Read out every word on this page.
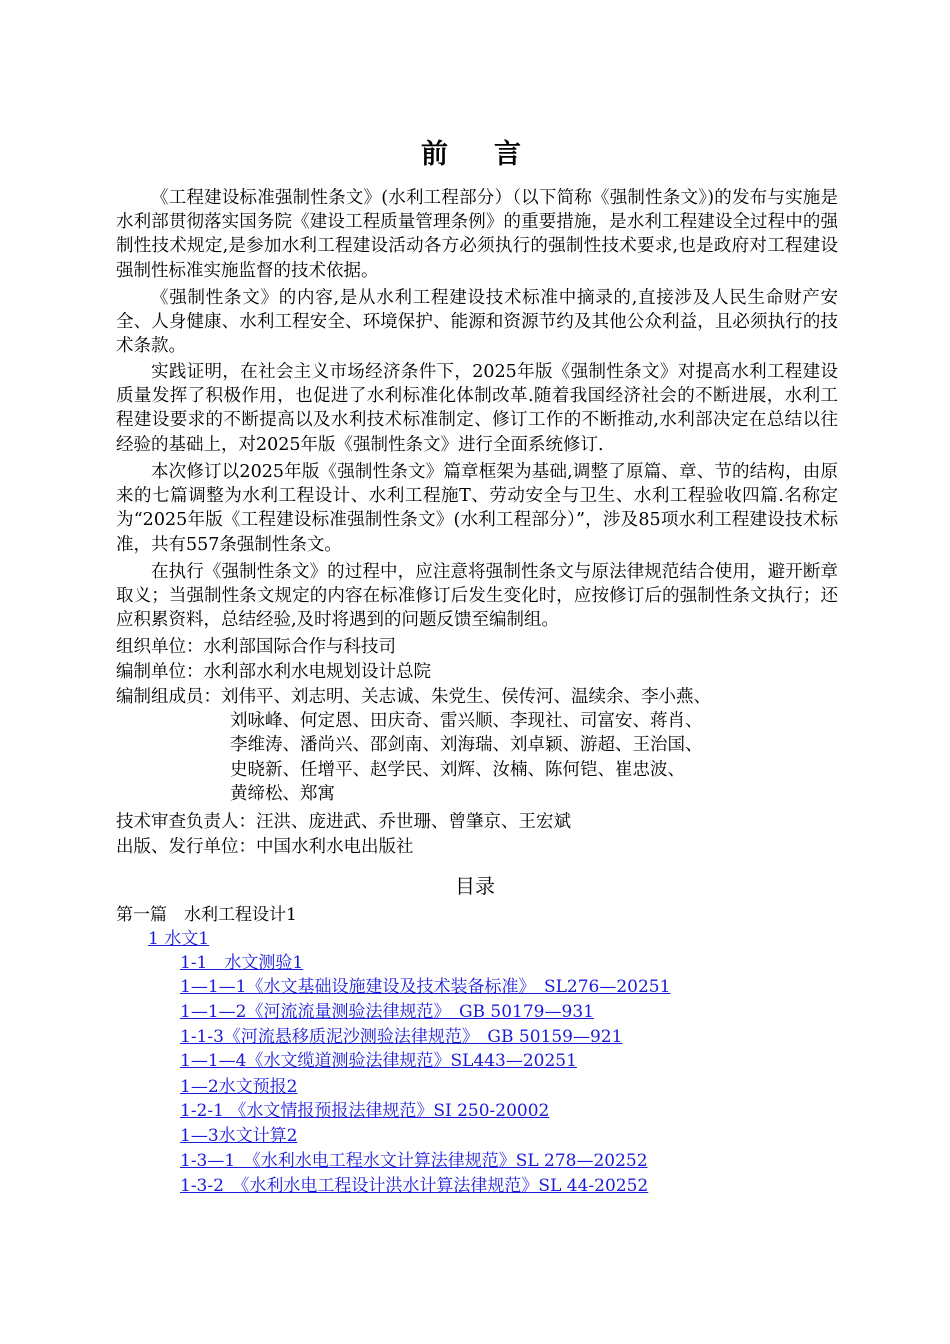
前 言

《工程建设标准强制性条文》(水利工程部分）（以下简称《强制性条文》)的发布与实施是水利部贯彻落实国务院《建设工程质量管理条例》的重要措施，是水利工程建设全过程中的强制性技术规定,是参加水利工程建设活动各方必须执行的强制性技术要求,也是政府对工程建设强制性标准实施监督的技术依据。

《强制性条文》的内容,是从水利工程建设技术标准中摘录的,直接涉及人民生命财产安全、人身健康、水利工程安全、环境保护、能源和资源节约及其他公众利益，且必须执行的技术条款。

实践证明，在社会主义市场经济条件下，2025年版《强制性条文》对提高水利工程建设质量发挥了积极作用，也促进了水利标准化体制改革.随着我国经济社会的不断进展，水利工程建设要求的不断提高以及水利技术标准制定、修订工作的不断推动,水利部决定在总结以往经验的基础上，对2025年版《强制性条文》进行全面系统修订.

本次修订以2025年版《强制性条文》篇章框架为基础,调整了原篇、章、节的结构，由原来的七篇调整为水利工程设计、水利工程施T、劳动安全与卫生、水利工程验收四篇.名称定为“2025年版《工程建设标准强制性条文》(水利工程部分）”，涉及85项水利工程建设技术标准，共有557条强制性条文。

在执行《强制性条文》的过程中，应注意将强制性条文与原法律规范结合使用，避开断章取义；当强制性条文规定的内容在标准修订后发生变化时，应按修订后的强制性条文执行；还应积累资料，总结经验,及时将遇到的问题反馈至编制组。

组织单位：水利部国际合作与科技司
编制单位：水利部水利水电规划设计总院
编制组成员：刘伟平、刘志明、关志诚、朱党生、侯传河、温续余、李小燕、
刘咏峰、何定恩、田庆奇、雷兴顺、李现社、司富安、蒋肖、
李维涛、潘尚兴、邵剑南、刘海瑞、刘卓颖、游超、王治国、
史晓新、任增平、赵学民、刘辉、汝楠、陈何铠、崔忠波、
黄缔松、郑寓
技术审查负责人：汪洪、庞进武、乔世珊、曾肇京、王宏斌
出版、发行单位：中国水利水电出版社
目录
第一篇　水利工程设计1
1 水文1
1-1　水文测验1
1—1—1《水文基础设施建设及技术装备标准》　SL276—20251
1—1—2《河流流量测验法律规范》　GB 50179—931
1-1-3《河流悬移质泥沙测验法律规范》　GB 50159—921
1—1—4《水文缆道测验法律规范》SL443—20251
1—2水文预报2
1-2-1 《水文情报预报法律规范》SI 250-20002
1—3水文计算2
1-3—1　《水利水电工程水文计算法律规范》SL 278—20252
1-3-2　《水利水电工程设计洪水计算法律规范》SL 44-20252
